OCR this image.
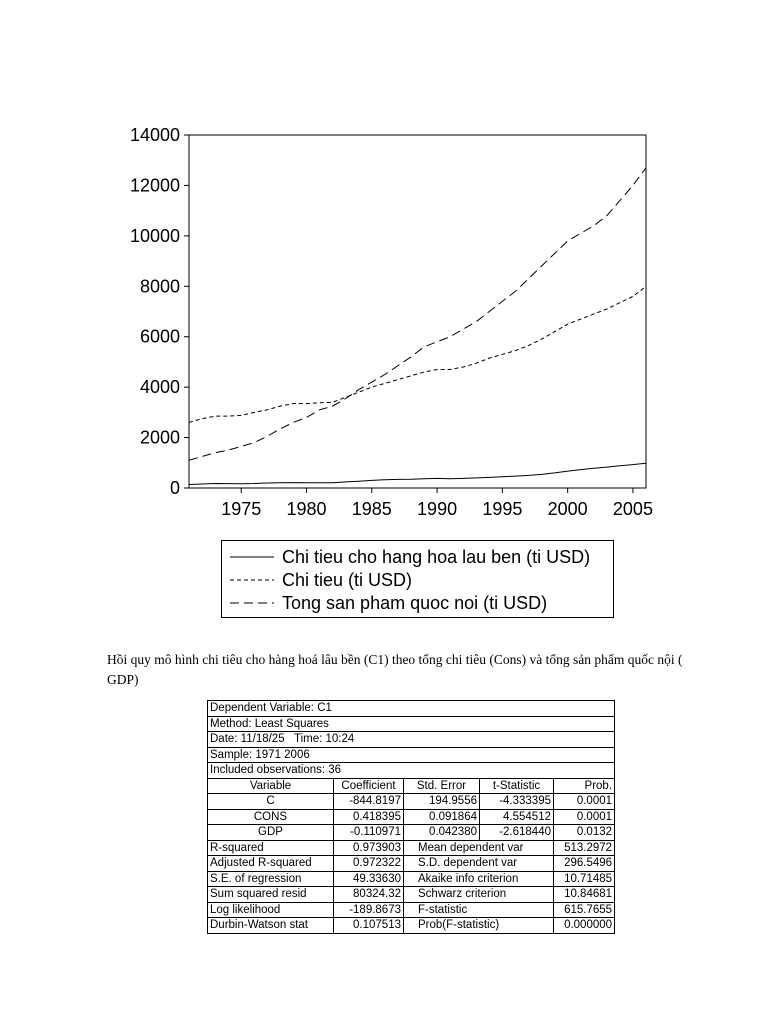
0
2000
4000
6000
8000
10000
12000
14000
1975 1980 1985 1990 1995 2000 2005
Chi tieu cho hang hoa lau ben (ti USD)
Chi tieu (ti USD)
Tong san pham quoc noi (ti USD)
Hồi quy mô hình chi tiêu cho hàng hoá lâu bền (C1) theo tổng chi tiêu (Cons) và tổng sản phẩm quốc nội ( GDP)
Dependent Variable: C1				
Method: Least Squares				
Date: 11/18/25   Time: 10:24				
Sample: 1971 2006				
Included observations: 36				
Variable	Coefficient	Std. Error	t-Statistic	Prob.
C	-844.8197	194.9556	-4.333395	0.0001
CONS	0.418395	0.091864	4.554512	0.0001
GDP	-0.110971	0.042380	-2.618440	0.0132
R-squared	0.973903	Mean dependent var		513.2972
Adjusted R-squared	0.972322	S.D. dependent var		296.5496
S.E. of regression	49.33630	Akaike info criterion		10.71485
Sum squared resid	80324.32	Schwarz criterion		10.84681
Log likelihood	-189.8673	F-statistic		615.7655
Durbin-Watson stat	0.107513	Prob(F-statistic)		0.000000
